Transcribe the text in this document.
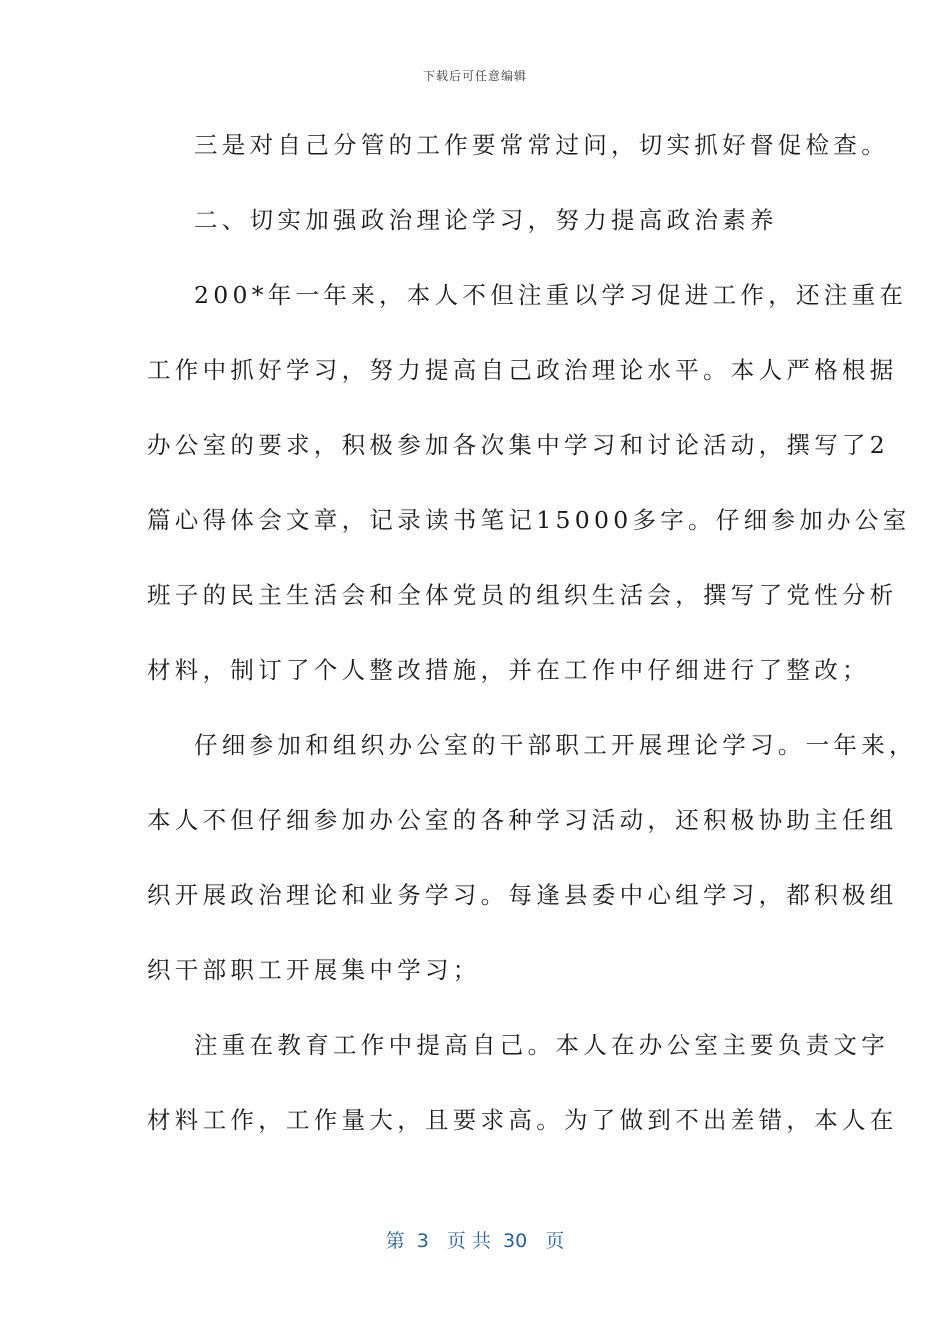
下载后可任意编辑
三是对自己分管的工作要常常过问，切实抓好督促检查。
二、切实加强政治理论学习，努力提高政治素养
200*年一年来，本人不但注重以学习促进工作，还注重在
工作中抓好学习，努力提高自己政治理论水平。本人严格根据
办公室的要求，积极参加各次集中学习和讨论活动，撰写了2
篇心得体会文章，记录读书笔记15000多字。仔细参加办公室
班子的民主生活会和全体党员的组织生活会，撰写了党性分析
材料，制订了个人整改措施，并在工作中仔细进行了整改；
仔细参加和组织办公室的干部职工开展理论学习。一年来，
本人不但仔细参加办公室的各种学习活动，还积极协助主任组
织开展政治理论和业务学习。每逢县委中心组学习，都积极组
织干部职工开展集中学习；
注重在教育工作中提高自己。本人在办公室主要负责文字
材料工作，工作量大，且要求高。为了做到不出差错，本人在
第  3   页 共  30   页
